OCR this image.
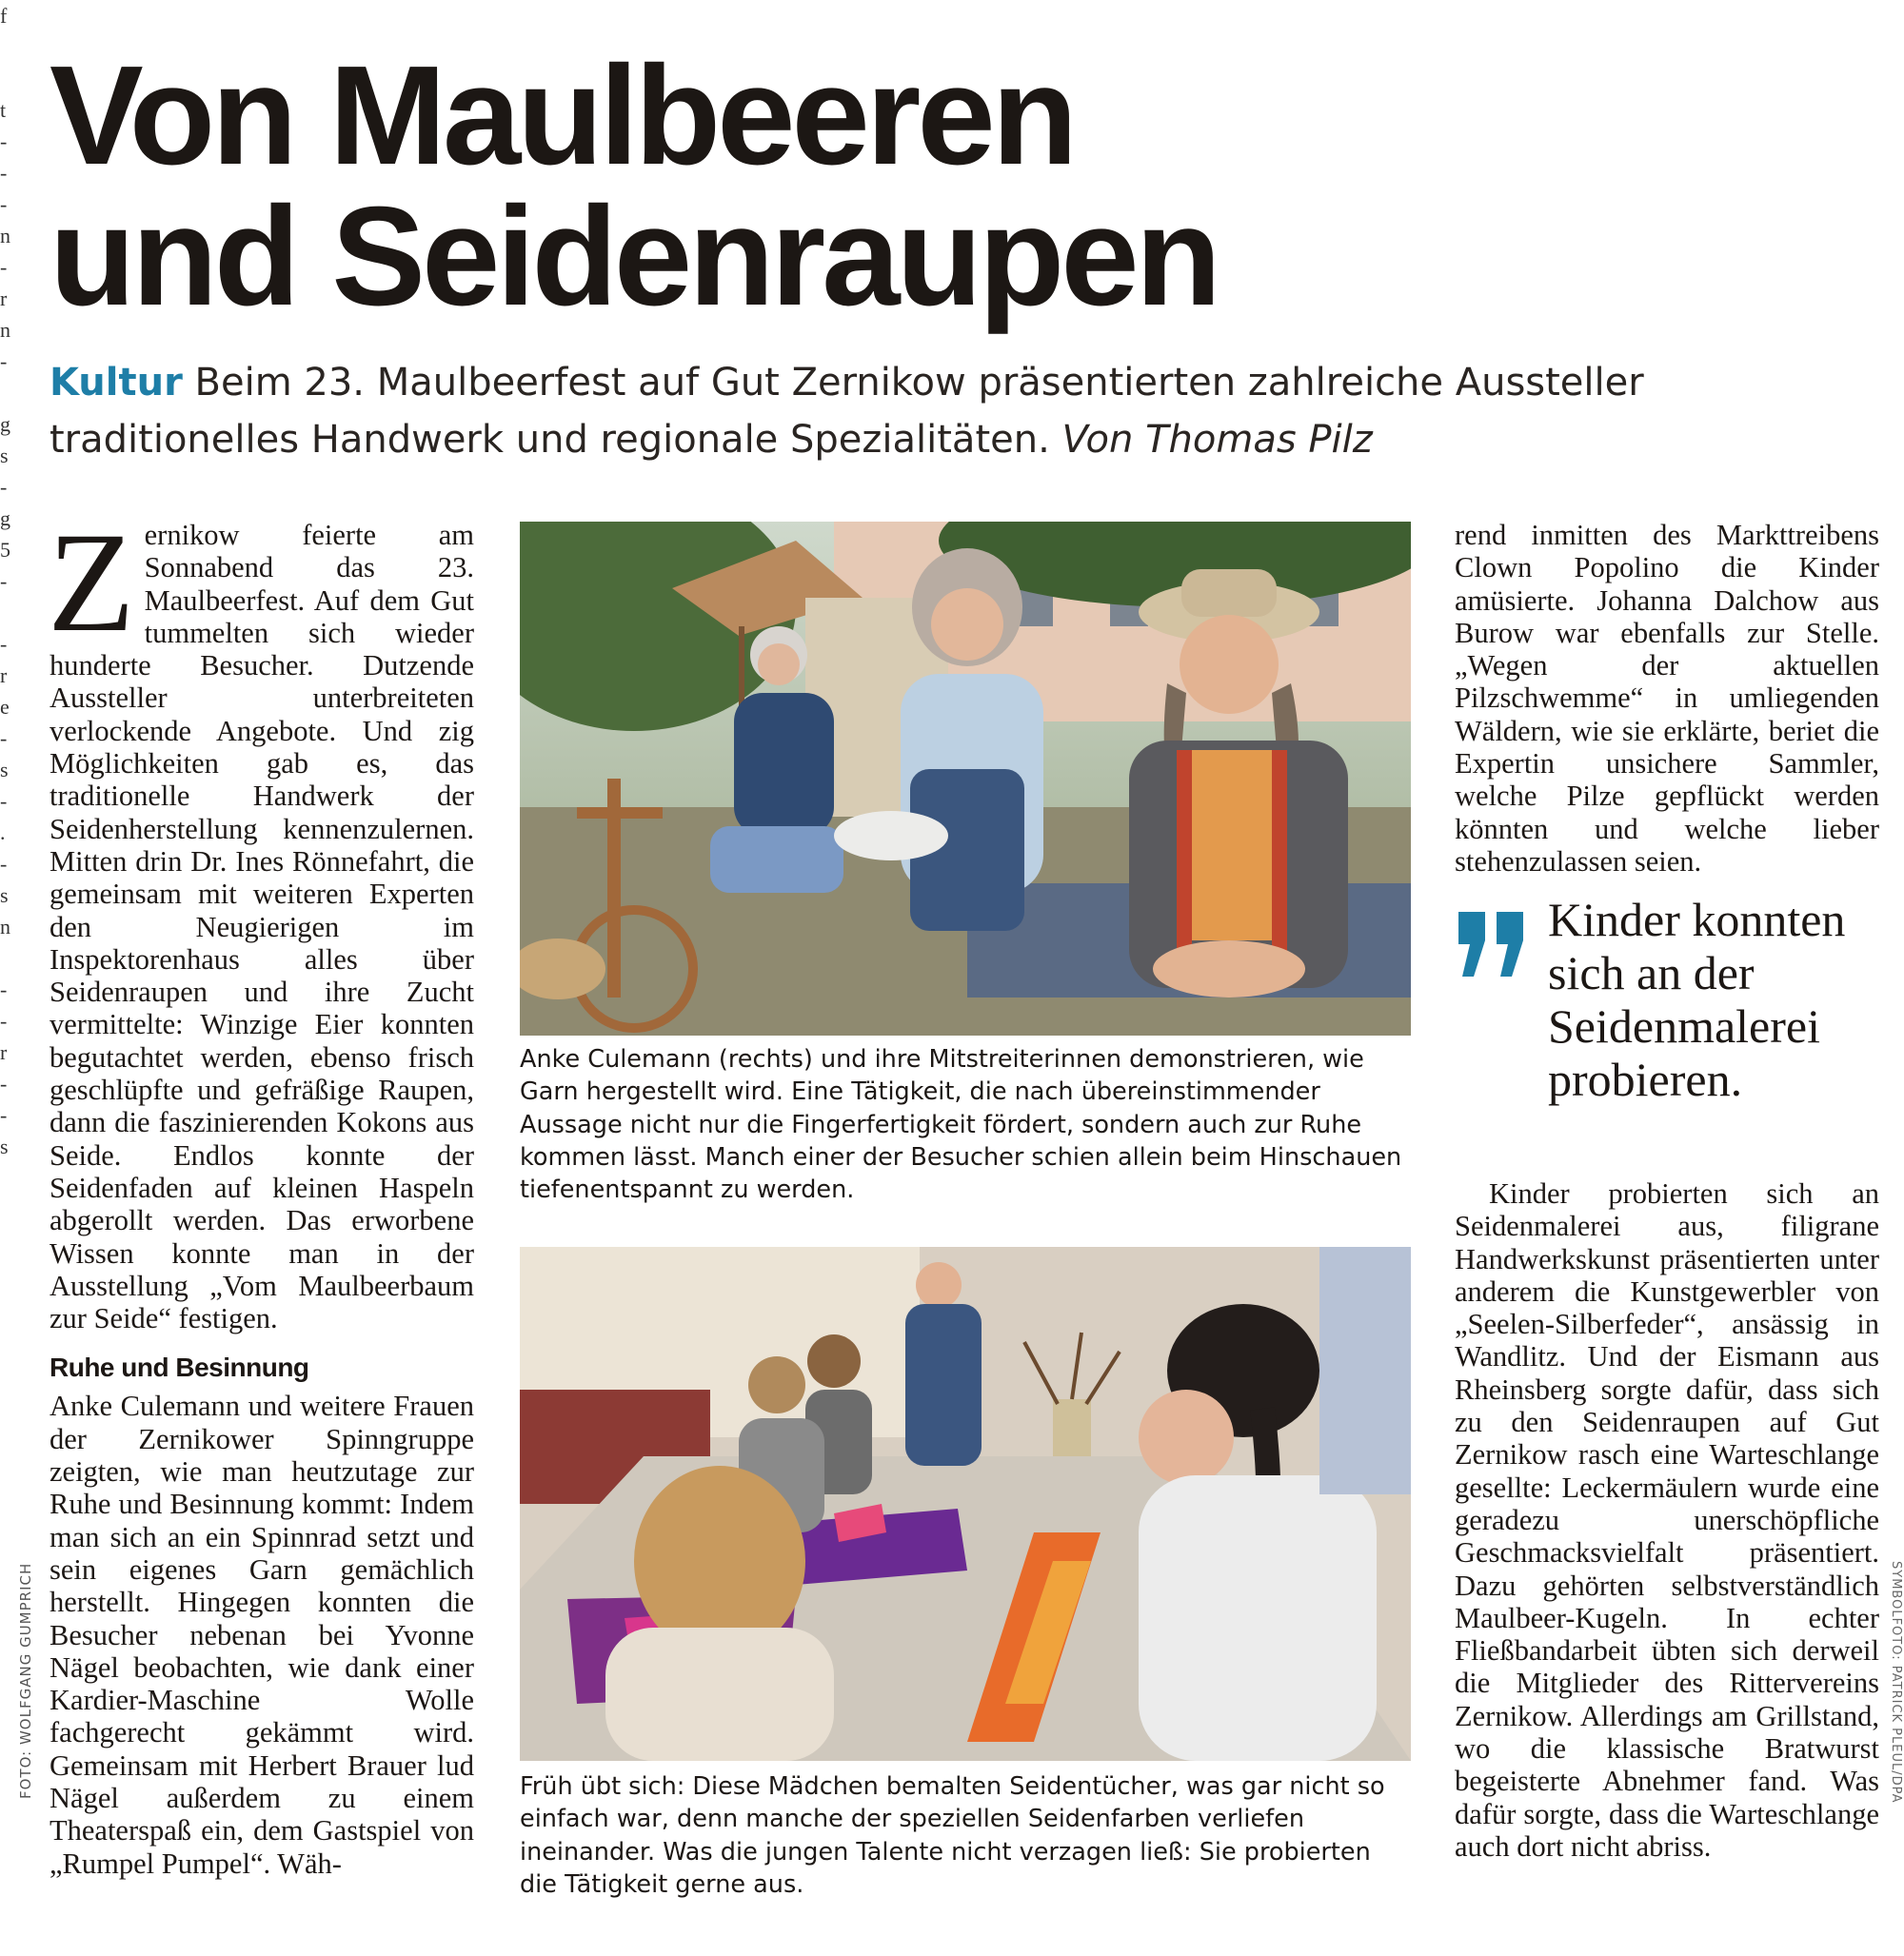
f

t
-
-
-
n
-
r
n
-

g
s
-
g
5
-

-
r
e
-
s
-
.
-
s
n

-
-
r
-
-
s
Von Maulbeeren
und Seidenraupen
Kultur Beim 23. Maulbeerfest auf Gut Zernikow präsentierten zahlreiche Aussteller traditionelles Handwerk und regionale Spezialitäten. Von Thomas Pilz

Zernikow feierte am Sonnabend das 23. Maulbeerfest. Auf dem Gut tummelten sich wieder hunderte Besucher. Dutzende Aussteller unterbreiteten verlockende Angebote. Und zig Möglichkeiten gab es, das traditionelle Handwerk der Seidenherstellung kennenzulernen. Mitten drin Dr. Ines Rönnefahrt, die gemeinsam mit weiteren Experten den Neugierigen im Inspektorenhaus alles über Seidenraupen und ihre Zucht vermittelte: Winzige Eier konnten begutachtet werden, ebenso frisch geschlüpfte und gefräßige Raupen, dann die faszinierenden Kokons aus Seide. Endlos konnte der Seidenfaden auf kleinen Haspeln abgerollt werden. Das erworbene Wissen konnte man in der Ausstellung „Vom Maulbeerbaum zur Seide“ festigen.

Ruhe und Besinnung

Anke Culemann und weitere Frauen der Zernikower Spinngruppe zeigten, wie man heutzutage zur Ruhe und Besinnung kommt: Indem man sich an ein Spinnrad setzt und sein eigenes Garn gemächlich herstellt. Hingegen konnten die Besucher nebenan bei Yvonne Nägel beobachten, wie dank einer Kardier-Maschine Wolle fachgerecht gekämmt wird. Gemeinsam mit Herbert Brauer lud Nägel außerdem zu einem Theaterspaß ein, dem Gastspiel von „Rumpel Pumpel“. Wäh-

Anke Culemann (rechts) und ihre Mitstreiterinnen demonstrieren, wie Garn hergestellt wird. Eine Tätigkeit, die nach übereinstimmender Aussage nicht nur die Fingerfertigkeit fördert, sondern auch zur Ruhe kommen lässt. Manch einer der Besucher schien allein beim Hinschauen tiefenentspannt zu werden.
Früh übt sich: Diese Mädchen bemalten Seidentücher, was gar nicht so einfach war, denn manche der speziellen Seidenfarben verliefen ineinander. Was die jungen Talente nicht verzagen ließ: Sie probierten die Tätigkeit gerne aus.
rend inmitten des Markttreibens Clown Popolino die Kinder amüsierte. Johanna Dalchow aus Burow war ebenfalls zur Stelle. „Wegen der aktuellen Pilzschwemme“ in umliegenden Wäldern, wie sie erklärte, beriet die Expertin unsichere Sammler, welche Pilze gepflückt werden könnten und welche lieber stehenzulassen seien.

Kinder konnten sich an der Seidenmalerei probieren.

Kinder probierten sich an Seidenmalerei aus, filigrane Handwerkskunst präsentierten unter anderem die Kunstgewerbler von „Seelen-Silberfeder“, ansässig in Wandlitz. Und der Eismann aus Rheinsberg sorgte dafür, dass sich zu den Seidenraupen auf Gut Zernikow rasch eine Warteschlange gesellte: Leckermäulern wurde eine geradezu unerschöpfliche Geschmacksvielfalt präsentiert. Dazu gehörten selbstverständlich Maulbeer-Kugeln. In echter Fließbandarbeit übten sich derweil die Mitglieder des Rittervereins Zernikow. Allerdings am Grillstand, wo die klassische Bratwurst begeisterte Abnehmer fand. Was dafür sorgte, dass die Warteschlange auch dort nicht abriss.

FOTO: WOLFGANG GUMPRICH	SYMBOLFOTO: PATRICK PLEUL/DPA
